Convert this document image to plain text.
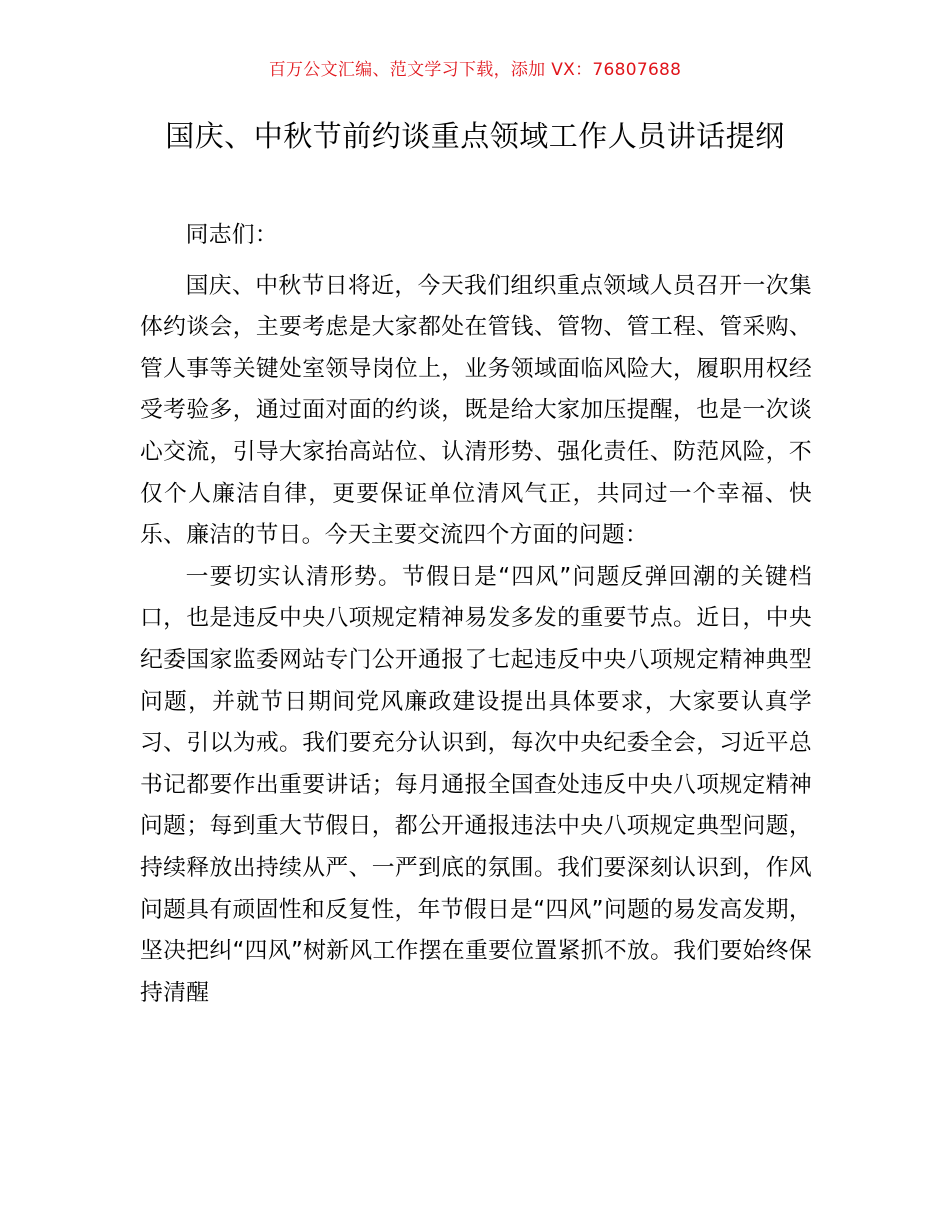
百万公文汇编、范文学习下载，添加 VX：76807688
国庆、中秋节前约谈重点领域工作人员讲话提纲

同志们：

国庆、中秋节日将近，今天我们组织重点领域人员召开一次集体约谈会，主要考虑是大家都处在管钱、管物、管工程、管采购、管人事等关键处室领导岗位上，业务领域面临风险大，履职用权经受考验多，通过面对面的约谈，既是给大家加压提醒，也是一次谈心交流，引导大家抬高站位、认清形势、强化责任、防范风险，不仅个人廉洁自律，更要保证单位清风气正，共同过一个幸福、快乐、廉洁的节日。今天主要交流四个方面的问题：

一要切实认清形势。节假日是“四风”问题反弹回潮的关键档口，也是违反中央八项规定精神易发多发的重要节点。近日，中央纪委国家监委网站专门公开通报了七起违反中央八项规定精神典型问题，并就节日期间党风廉政建设提出具体要求，大家要认真学习、引以为戒。我们要充分认识到，每次中央纪委全会，习近平总书记都要作出重要讲话；每月通报全国查处违反中央八项规定精神问题；每到重大节假日，都公开通报违法中央八项规定典型问题，持续释放出持续从严、一严到底的氛围。我们要深刻认识到，作风问题具有顽固性和反复性，年节假日是“四风”问题的易发高发期，坚决把纠“四风”树新风工作摆在重要位置紧抓不放。我们要始终保持清醒
